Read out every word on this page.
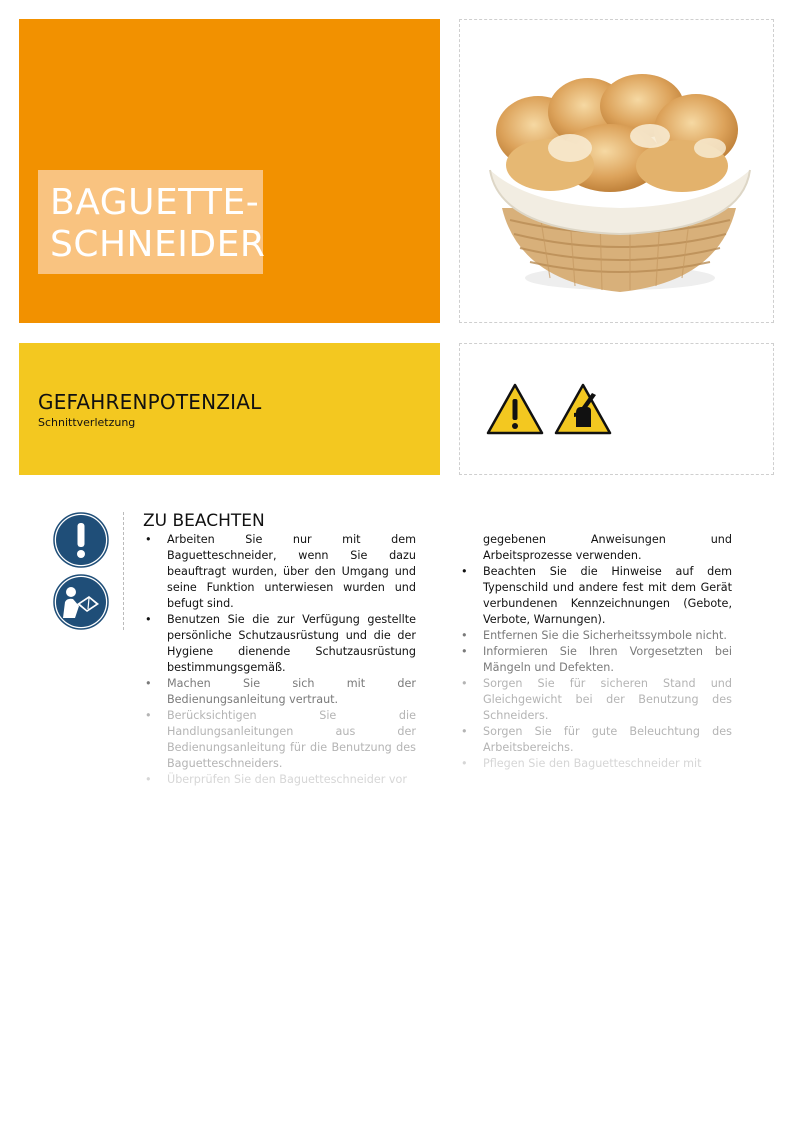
BAGUETTE-
SCHNEIDER
GEFAHRENPOTENZIAL
Schnittverletzung
ZU BEACHTEN
• Arbeiten Sie nur mit dem Baguetteschneider, wenn Sie dazu beauftragt wurden, über den Umgang und seine Funktion unterwiesen wurden und befugt sind.
• Benutzen Sie die zur Verfügung gestellte persönliche Schutzausrüstung und die der Hygiene dienende Schutzausrüstung bestimmungsgemäß.
• Machen Sie sich mit der Bedienungsanleitung vertraut.
• Berücksichtigen Sie die Handlungsanleitungen aus der Bedienungsanleitung für die Benutzung des Baguetteschneiders.
• Überprüfen Sie den Baguetteschneider vor

gegebenen Anweisungen und Arbeitsprozesse verwenden.

• Beachten Sie die Hinweise auf dem Typenschild und andere fest mit dem Gerät verbundenen Kennzeichnungen (Gebote, Verbote, Warnungen).
• Entfernen Sie die Sicherheitssymbole nicht.
• Informieren Sie Ihren Vorgesetzten bei Mängeln und Defekten.
• Sorgen Sie für sicheren Stand und Gleichgewicht bei der Benutzung des Schneiders.
• Sorgen Sie für gute Beleuchtung des Arbeitsbereichs.
• Pflegen Sie den Baguetteschneider mit
